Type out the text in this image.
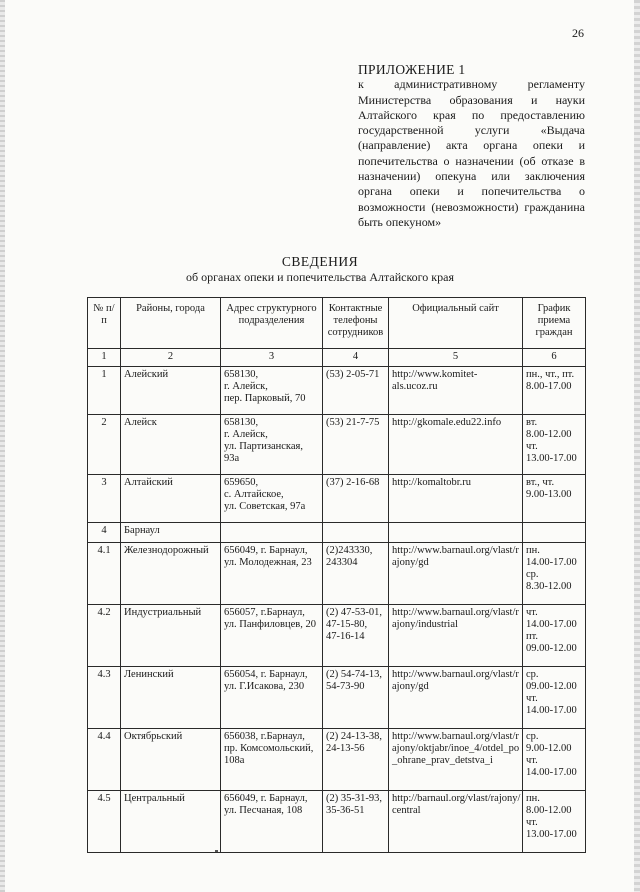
26
ПРИЛОЖЕНИЕ 1
к административному регламенту Министерства образования и науки Алтайского края по предоставлению государственной услуги «Выдача (направление) акта органа опеки и попечительства о назначении (об отказе в назначении) опекуна или заключения органа опеки и попечительства о возможности (невозможности) гражданина быть опекуном»
СВЕДЕНИЯ
об органах опеки и попечительства Алтайского края
№ п/п	Районы, города	Адрес структурного подразделения	Контактные телефоны сотрудников	Официальный сайт	График приема граждан
1	2	3	4	5	6
1	Алейский	658130,
г. Алейск,
пер. Парковый, 70	(53) 2-05-71	http://www.komitet-
als.ucoz.ru	пн., чт., пт.
8.00-17.00
2	Алейск	658130,
г. Алейск,
ул. Партизанская, 93а	(53) 21-7-75	http://gkomale.edu22.info	вт.
8.00-12.00
чт.
13.00-17.00
3	Алтайский	659650,
с. Алтайское,
ул. Советская, 97а	(37) 2-16-68	http://komaltobr.ru	вт., чт.
9.00-13.00
4	Барнаул				
4.1	Железнодорожный	656049, г. Барнаул,
ул. Молодежная, 23	(2)243330,
243304	http://www.barnaul.org/vlast/r
ajony/gd	пн.
14.00-17.00
ср.
8.30-12.00
4.2	Индустриальный	656057, г.Барнаул,
ул. Панфиловцев, 20	(2) 47-53-01,
47-15-80,
47-16-14	http://www.barnaul.org/vlast/r
ajony/industrial	чт.
14.00-17.00
пт.
09.00-12.00
4.3	Ленинский	656054, г. Барнаул,
ул. Г.Исакова, 230	(2) 54-74-13,
54-73-90	http://www.barnaul.org/vlast/r
ajony/gd	ср.
09.00-12.00
чт.
14.00-17.00
4.4	Октябрьский	656038, г.Барнаул,
пр. Комсомольский,
108а	(2) 24-13-38,
24-13-56	http://www.barnaul.org/vlast/r
ajony/oktjabr/inoe_4/otdel_po
_ohrane_prav_detstva_i	ср.
9.00-12.00
чт.
14.00-17.00
4.5	Центральный	656049, г. Барнаул,
ул. Песчаная, 108	(2) 35-31-93,
35-36-51	http://barnaul.org/vlast/rajony/
central	пн.
8.00-12.00
чт.
13.00-17.00
